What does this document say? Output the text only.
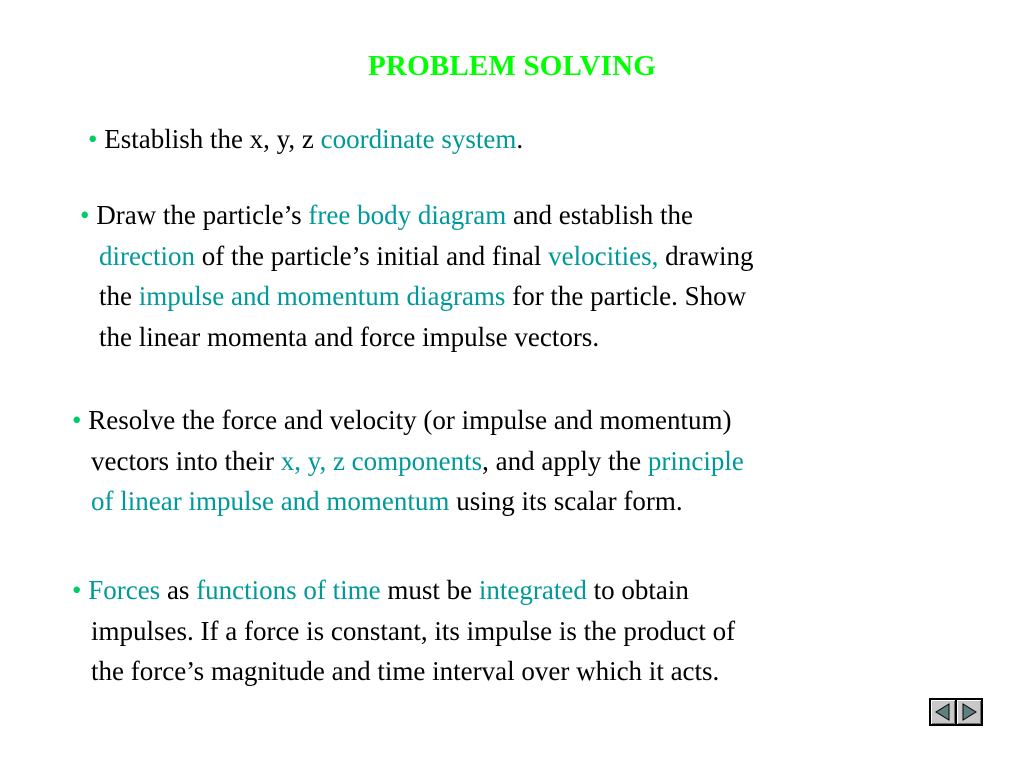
PROBLEM SOLVING
• Establish the x, y, z coordinate system.
• Draw the particle’s free body diagram and establish the
direction of the particle’s initial and final velocities, drawing
the impulse and momentum diagrams for the particle. Show
the linear momenta and force impulse vectors.
• Resolve the force and velocity (or impulse and momentum)
vectors into their x, y, z components, and apply the principle
of linear impulse and momentum using its scalar form.
• Forces as functions of time must be integrated to obtain
impulses. If a force is constant, its impulse is the product of
the force’s magnitude and time interval over which it acts.
